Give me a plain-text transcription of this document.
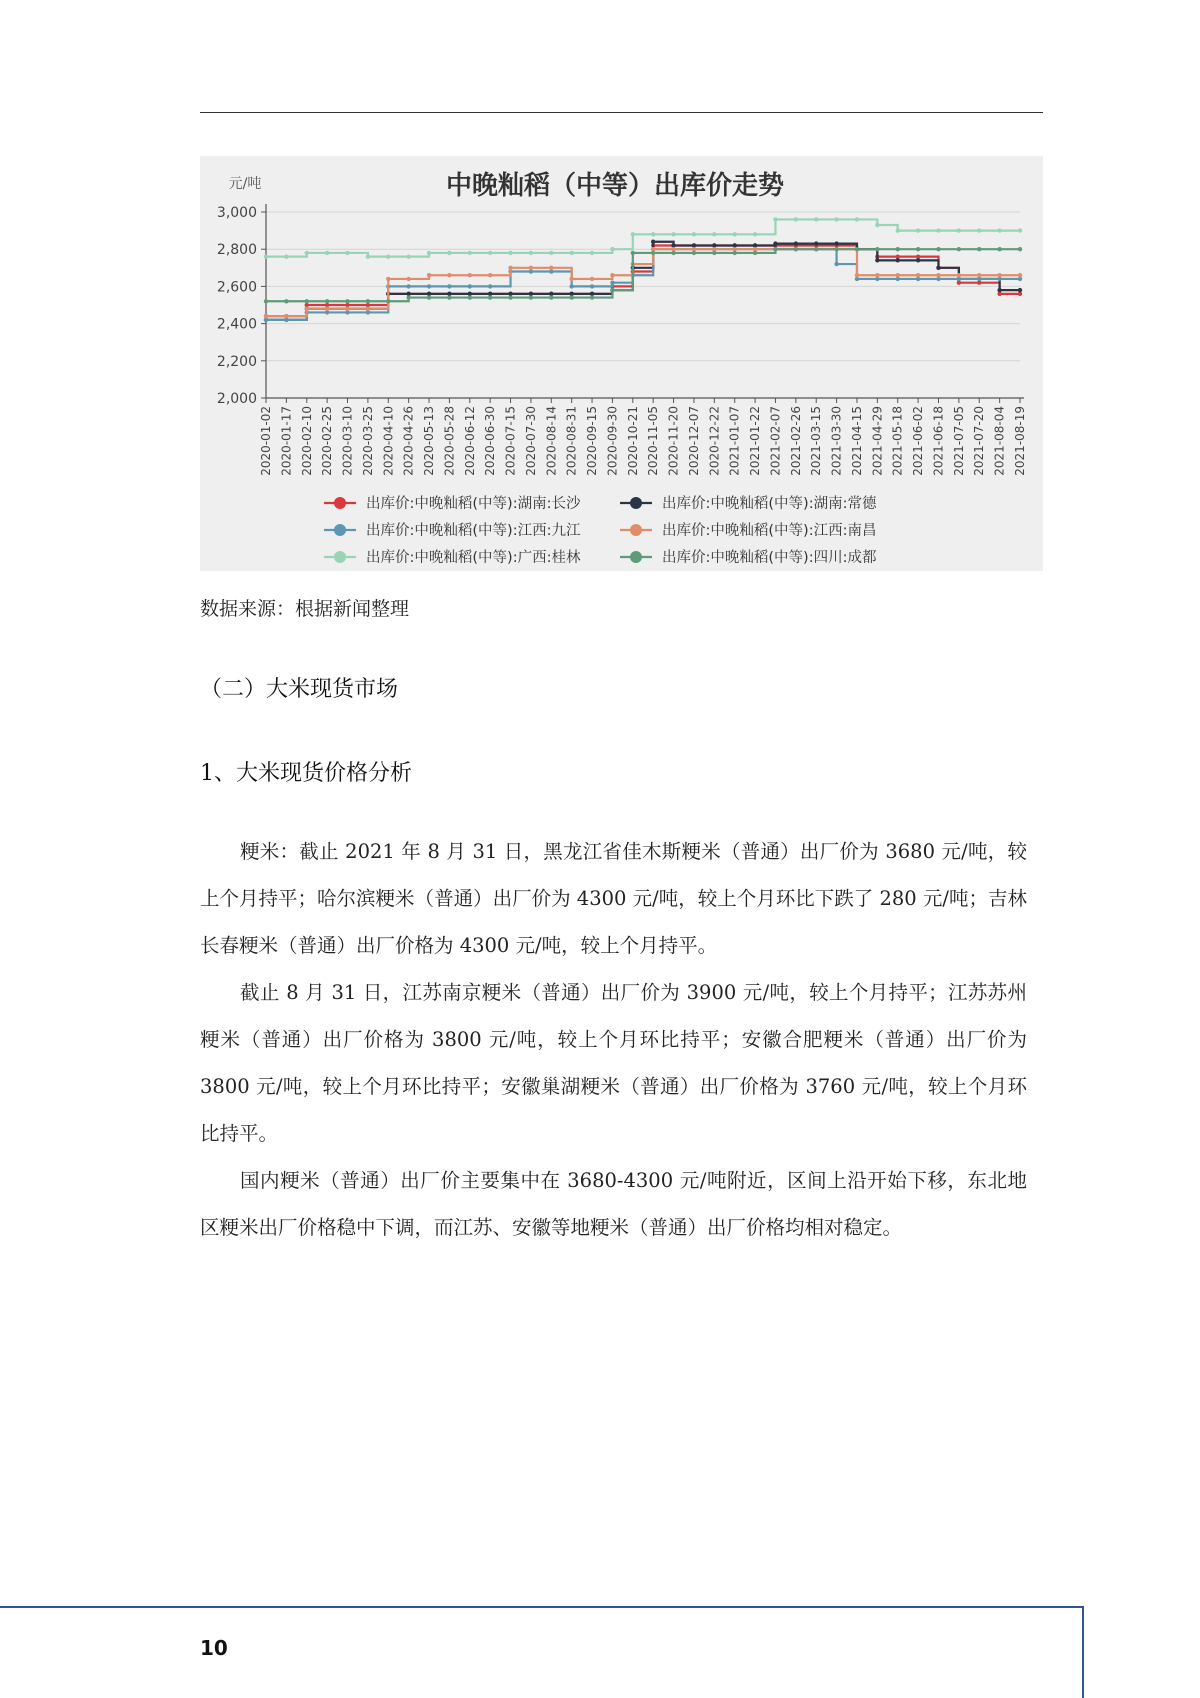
中晚籼稻（中等）出库价走势
元/吨
3,000
2,800
2,600
2,400
2,200
2,000
2020-01-02 2020-01-17 2020-02-10 2020-02-25 2020-03-10 2020-03-25 2020-04-10 2020-04-26 2020-05-13 2020-05-28 2020-06-12 2020-06-30 2020-07-15 2020-07-30 2020-08-14 2020-08-31 2020-09-15 2020-09-30 2020-10-21 2020-11-05 2020-11-20 2020-12-07 2020-12-22 2021-01-07 2021-01-22 2021-02-07 2021-02-26 2021-03-15 2021-03-30 2021-04-15 2021-04-29 2021-05-18 2021-06-02 2021-06-18 2021-07-05 2021-07-20 2021-08-04 2021-08-19
出库价:中晚籼稻(中等):湖南:长沙	出库价:中晚籼稻(中等):湖南:常德
出库价:中晚籼稻(中等):江西:九江	出库价:中晚籼稻(中等):江西:南昌
出库价:中晚籼稻(中等):广西:桂林	出库价:中晚籼稻(中等):四川:成都
数据来源：根据新闻整理
（二）大米现货市场
1、大米现货价格分析

粳米：截止 2021 年 8 月 31 日，黑龙江省佳木斯粳米（普通）出厂价为 3680 元/吨，较上个月持平；哈尔滨粳米（普通）出厂价为 4300 元/吨，较上个月环比下跌了 280 元/吨；吉林长春粳米（普通）出厂价格为 4300 元/吨，较上个月持平。

截止 8 月 31 日，江苏南京粳米（普通）出厂价为 3900 元/吨，较上个月持平；江苏苏州粳米（普通）出厂价格为 3800 元/吨，较上个月环比持平；安徽合肥粳米（普通）出厂价为 3800 元/吨，较上个月环比持平；安徽巢湖粳米（普通）出厂价格为 3760 元/吨，较上个月环比持平。

国内粳米（普通）出厂价主要集中在 3680-4300 元/吨附近，区间上沿开始下移，东北地区粳米出厂价格稳中下调，而江苏、安徽等地粳米（普通）出厂价格均相对稳定。

10
